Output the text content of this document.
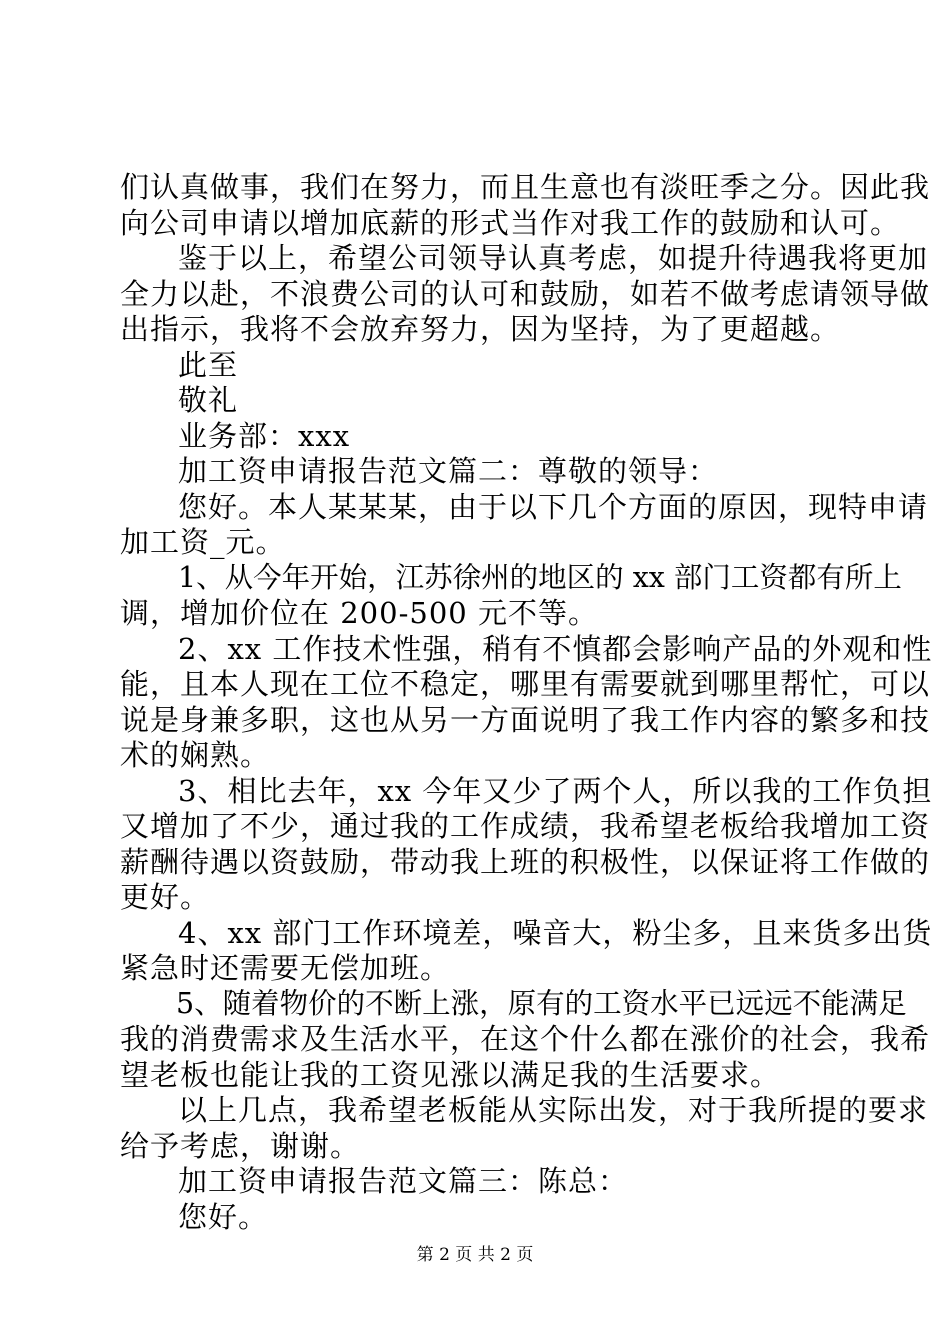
们认真做事，我们在努力，而且生意也有淡旺季之分。因此我
向公司申请以增加底薪的形式当作对我工作的鼓励和认可。
鉴于以上，希望公司领导认真考虑，如提升待遇我将更加
全力以赴，不浪费公司的认可和鼓励，如若不做考虑请领导做
出指示，我将不会放弃努力，因为坚持，为了更超越。
此至
敬礼
业务部：xxx
加工资申请报告范文篇二：尊敬的领导：
您好。本人某某某，由于以下几个方面的原因，现特申请
加工资_元。
1、从今年开始，江苏徐州的地区的 xx 部门工资都有所上
调，增加价位在 200-500 元不等。
2、xx 工作技术性强，稍有不慎都会影响产品的外观和性
能，且本人现在工位不稳定，哪里有需要就到哪里帮忙，可以
说是身兼多职，这也从另一方面说明了我工作内容的繁多和技
术的娴熟。
3、相比去年，xx 今年又少了两个人，所以我的工作负担
又增加了不少，通过我的工作成绩，我希望老板给我增加工资
薪酬待遇以资鼓励，带动我上班的积极性，以保证将工作做的
更好。
4、xx 部门工作环境差，噪音大，粉尘多，且来货多出货
紧急时还需要无偿加班。
5、随着物价的不断上涨，原有的工资水平已远远不能满足
我的消费需求及生活水平，在这个什么都在涨价的社会，我希
望老板也能让我的工资见涨以满足我的生活要求。
以上几点，我希望老板能从实际出发，对于我所提的要求
给予考虑，谢谢。
加工资申请报告范文篇三：陈总：
您好。
第 2 页 共 2 页
